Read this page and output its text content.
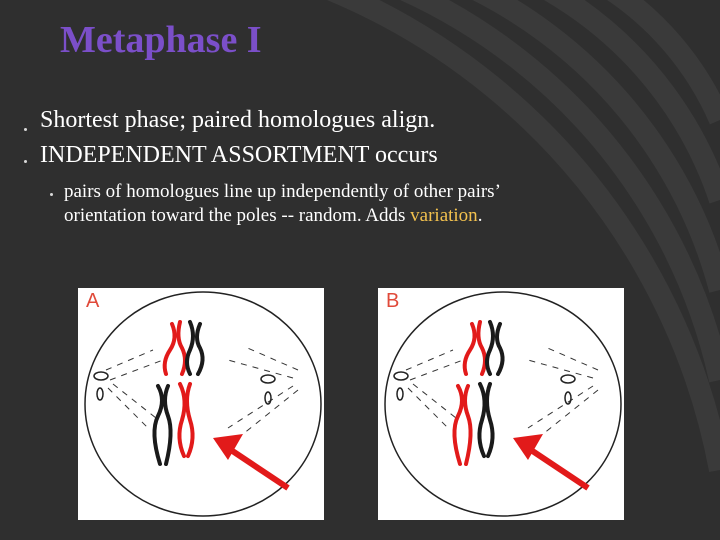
Metaphase I
Shortest phase; paired homologues align.
INDEPENDENT ASSORTMENT occurs
pairs of homologues line up independently of other pairs’
orientation toward the poles -- random. Adds variation.
A	B
